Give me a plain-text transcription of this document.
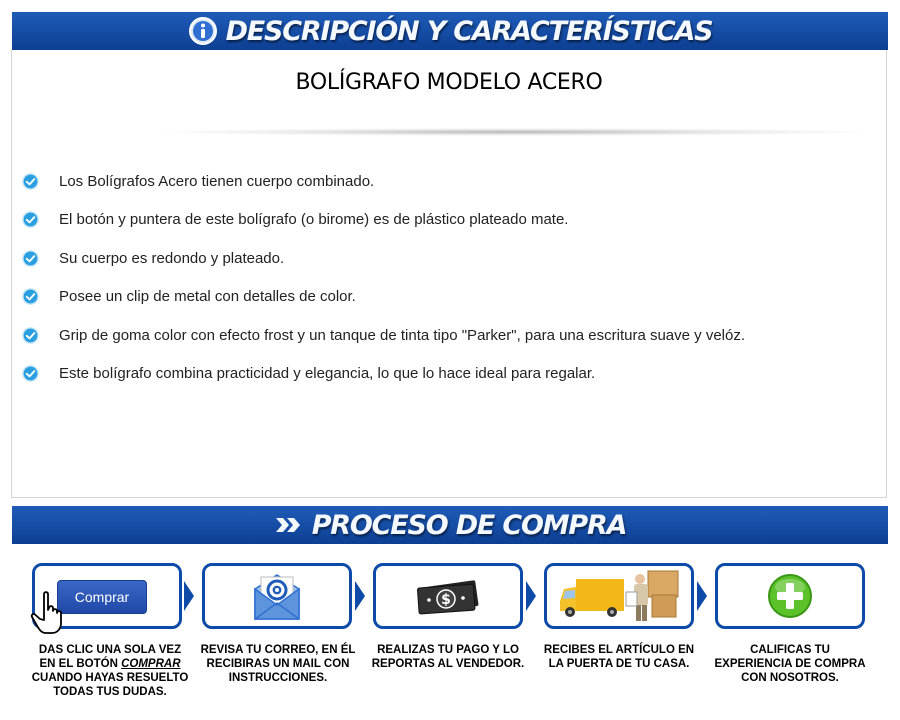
DESCRIPCIÓN Y CARACTERÍSTICAS
BOLÍGRAFO MODELO ACERO
Los Bolígrafos Acero tienen cuerpo combinado.
El botón y puntera de este bolígrafo (o birome) es de plástico plateado mate.
Su cuerpo es redondo y plateado.
Posee un clip de metal con detalles de color.
Grip de goma color con efecto frost y un tanque de tinta tipo "Parker", para una escritura suave y velóz.
Este bolígrafo combina practicidad y elegancia, lo que lo hace ideal para regalar.
PROCESO DE COMPRA
Comprar	$
DAS CLIC UNA SOLA VEZ EN EL BOTÓN COMPRAR CUANDO HAYAS RESUELTO TODAS TUS DUDAS.
REVISA TU CORREO, EN ÉL RECIBIRAS UN MAIL CON INSTRUCCIONES.
REALIZAS TU PAGO Y LO REPORTAS AL VENDEDOR.
RECIBES EL ARTÍCULO EN LA PUERTA DE TU CASA.
CALIFICAS TU EXPERIENCIA DE COMPRA CON NOSOTROS.
